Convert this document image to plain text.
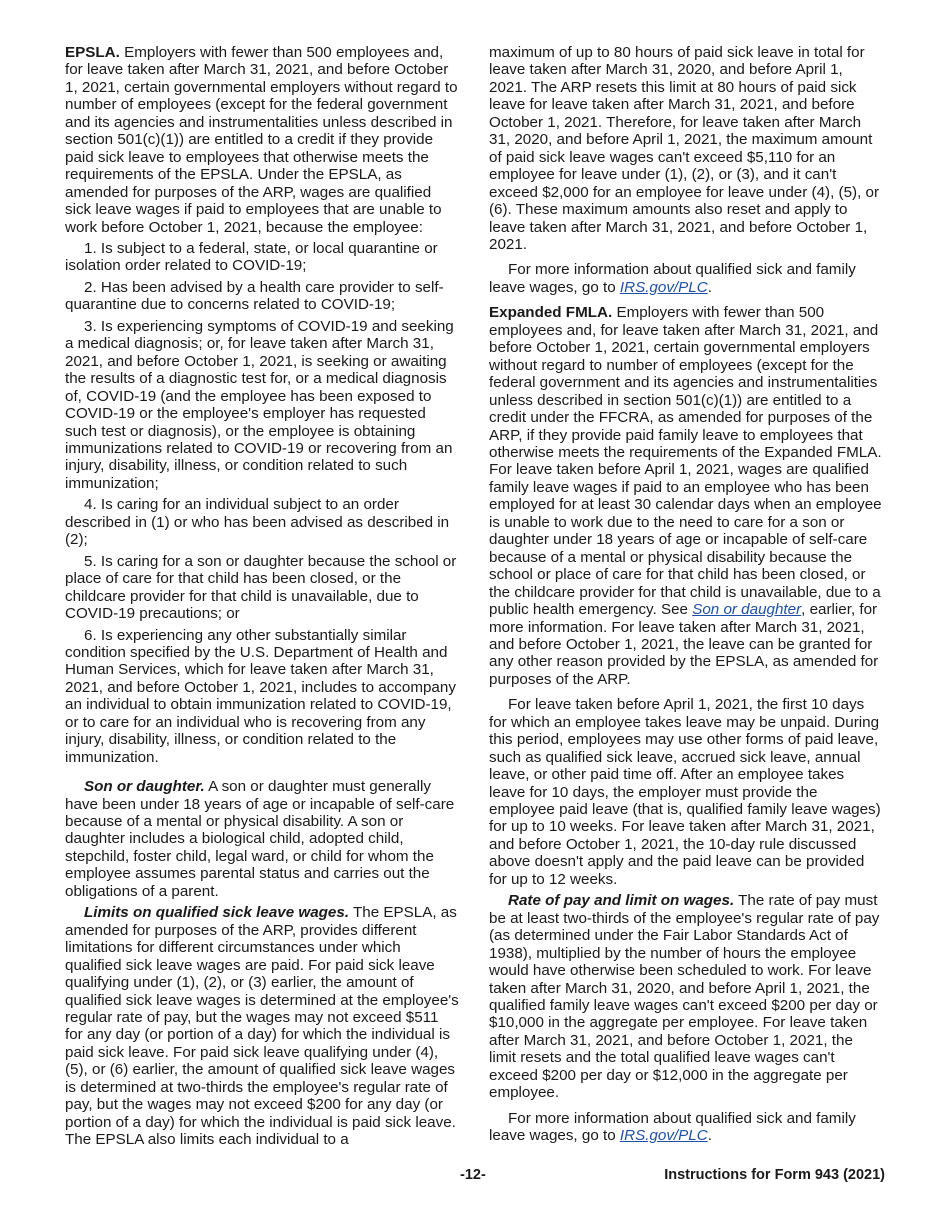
EPSLA. Employers with fewer than 500 employees and, for leave taken after March 31, 2021, and before October 1, 2021, certain governmental employers without regard to number of employees (except for the federal government and its agencies and instrumentalities unless described in section 501(c)(1)) are entitled to a credit if they provide paid sick leave to employees that otherwise meets the requirements of the EPSLA. Under the EPSLA, as amended for purposes of the ARP, wages are qualified sick leave wages if paid to employees that are unable to work before October 1, 2021, because the employee:

1. Is subject to a federal, state, or local quarantine or isolation order related to COVID-19;

2. Has been advised by a health care provider to self-quarantine due to concerns related to COVID-19;

3. Is experiencing symptoms of COVID-19 and seeking a medical diagnosis; or, for leave taken after March 31, 2021, and before October 1, 2021, is seeking or awaiting the results of a diagnostic test for, or a medical diagnosis of, COVID-19 (and the employee has been exposed to COVID-19 or the employee's employer has requested such test or diagnosis), or the employee is obtaining immunizations related to COVID-19 or recovering from an injury, disability, illness, or condition related to such immunization;

4. Is caring for an individual subject to an order described in (1) or who has been advised as described in (2);

5. Is caring for a son or daughter because the school or place of care for that child has been closed, or the childcare provider for that child is unavailable, due to COVID-19 precautions; or

6. Is experiencing any other substantially similar condition specified by the U.S. Department of Health and Human Services, which for leave taken after March 31, 2021, and before October 1, 2021, includes to accompany an individual to obtain immunization related to COVID-19, or to care for an individual who is recovering from any injury, disability, illness, or condition related to the immunization.

Son or daughter. A son or daughter must generally have been under 18 years of age or incapable of self-care because of a mental or physical disability. A son or daughter includes a biological child, adopted child, stepchild, foster child, legal ward, or child for whom the employee assumes parental status and carries out the obligations of a parent.

Limits on qualified sick leave wages. The EPSLA, as amended for purposes of the ARP, provides different limitations for different circumstances under which qualified sick leave wages are paid. For paid sick leave qualifying under (1), (2), or (3) earlier, the amount of qualified sick leave wages is determined at the employee's regular rate of pay, but the wages may not exceed $511 for any day (or portion of a day) for which the individual is paid sick leave. For paid sick leave qualifying under (4), (5), or (6) earlier, the amount of qualified sick leave wages is determined at two-thirds the employee's regular rate of pay, but the wages may not exceed $200 for any day (or portion of a day) for which the individual is paid sick leave. The EPSLA also limits each individual to a

maximum of up to 80 hours of paid sick leave in total for leave taken after March 31, 2020, and before April 1, 2021. The ARP resets this limit at 80 hours of paid sick leave for leave taken after March 31, 2021, and before October 1, 2021. Therefore, for leave taken after March 31, 2020, and before April 1, 2021, the maximum amount of paid sick leave wages can't exceed $5,110 for an employee for leave under (1), (2), or (3), and it can't exceed $2,000 for an employee for leave under (4), (5), or (6). These maximum amounts also reset and apply to leave taken after March 31, 2021, and before October 1, 2021.

For more information about qualified sick and family leave wages, go to IRS.gov/PLC.

Expanded FMLA. Employers with fewer than 500 employees and, for leave taken after March 31, 2021, and before October 1, 2021, certain governmental employers without regard to number of employees (except for the federal government and its agencies and instrumentalities unless described in section 501(c)(1)) are entitled to a credit under the FFCRA, as amended for purposes of the ARP, if they provide paid family leave to employees that otherwise meets the requirements of the Expanded FMLA. For leave taken before April 1, 2021, wages are qualified family leave wages if paid to an employee who has been employed for at least 30 calendar days when an employee is unable to work due to the need to care for a son or daughter under 18 years of age or incapable of self-care because of a mental or physical disability because the school or place of care for that child has been closed, or the childcare provider for that child is unavailable, due to a public health emergency. See Son or daughter, earlier, for more information. For leave taken after March 31, 2021, and before October 1, 2021, the leave can be granted for any other reason provided by the EPSLA, as amended for purposes of the ARP.

For leave taken before April 1, 2021, the first 10 days for which an employee takes leave may be unpaid. During this period, employees may use other forms of paid leave, such as qualified sick leave, accrued sick leave, annual leave, or other paid time off. After an employee takes leave for 10 days, the employer must provide the employee paid leave (that is, qualified family leave wages) for up to 10 weeks. For leave taken after March 31, 2021, and before October 1, 2021, the 10-day rule discussed above doesn't apply and the paid leave can be provided for up to 12 weeks.

Rate of pay and limit on wages. The rate of pay must be at least two-thirds of the employee's regular rate of pay (as determined under the Fair Labor Standards Act of 1938), multiplied by the number of hours the employee would have otherwise been scheduled to work. For leave taken after March 31, 2020, and before April 1, 2021, the qualified family leave wages can't exceed $200 per day or $10,000 in the aggregate per employee. For leave taken after March 31, 2021, and before October 1, 2021, the limit resets and the total qualified leave wages can't exceed $200 per day or $12,000 in the aggregate per employee.

For more information about qualified sick and family leave wages, go to IRS.gov/PLC.

-12-	Instructions for Form 943 (2021)
